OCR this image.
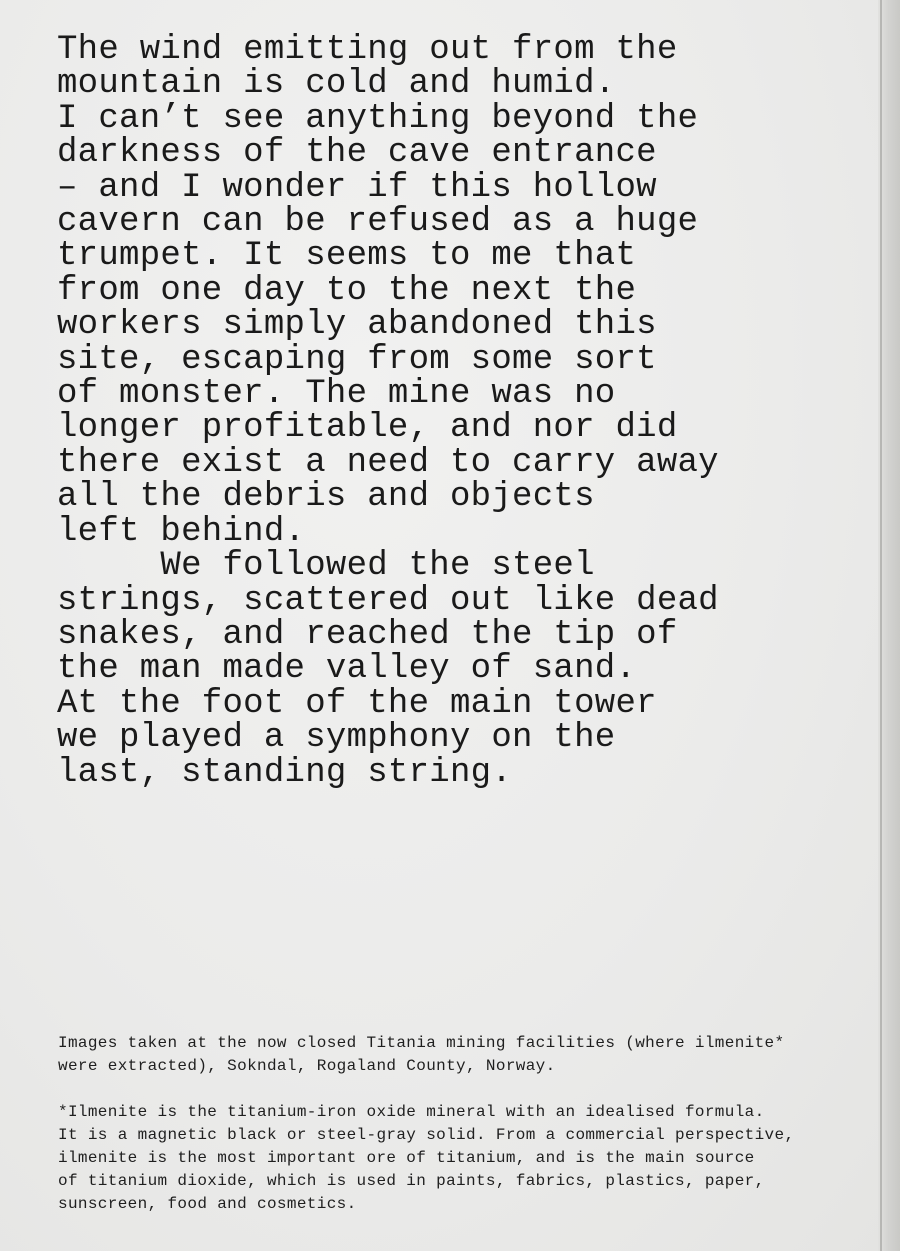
The wind emitting out from the
mountain is cold and humid.
I can’t see anything beyond the
darkness of the cave entrance
– and I wonder if this hollow
cavern can be refused as a huge
trumpet. It seems to me that
from one day to the next the
workers simply abandoned this
site, escaping from some sort
of monster. The mine was no
longer profitable, and nor did
there exist a need to carry away
all the debris and objects
left behind.
We followed the steel
strings, scattered out like dead
snakes, and reached the tip of
the man made valley of sand.
At the foot of the main tower
we played a symphony on the
last, standing string.
Images taken at the now closed Titania mining facilities (where ilmenite*
were extracted), Sokndal, Rogaland County, Norway.
*Ilmenite is the titanium-iron oxide mineral with an idealised formula.
It is a magnetic black or steel-gray solid. From a commercial perspective,
ilmenite is the most important ore of titanium, and is the main source
of titanium dioxide, which is used in paints, fabrics, plastics, paper,
sunscreen, food and cosmetics.
